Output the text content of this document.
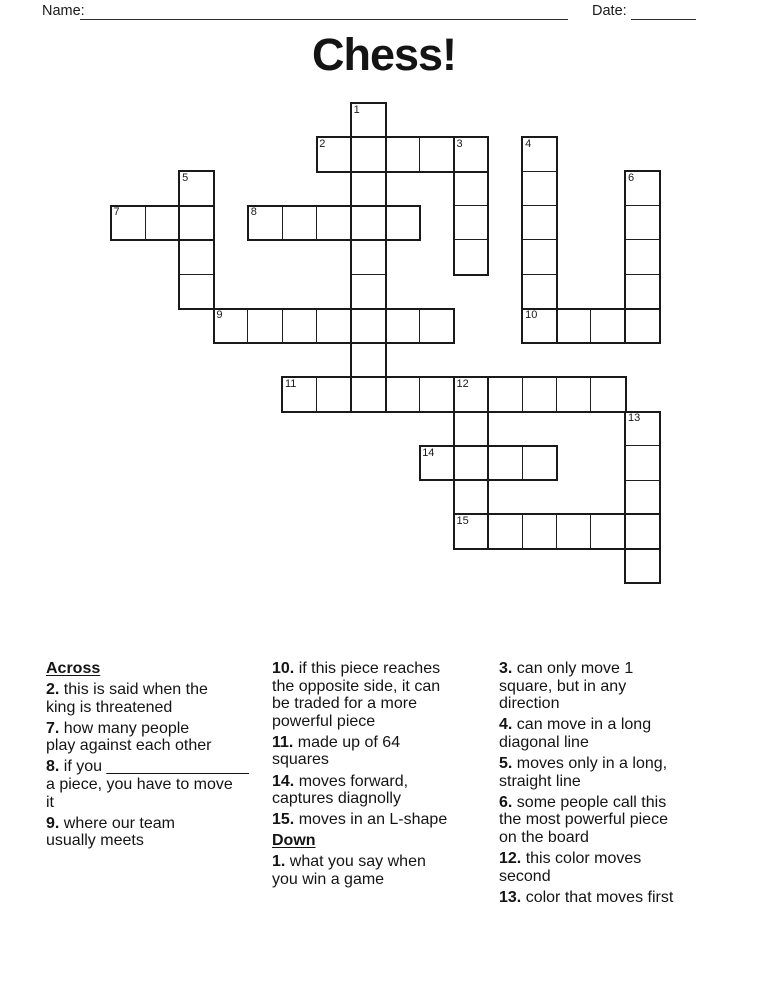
Name:	Date:
Chess!
1
2	3	4
5	6
7	8
9	10
11	12
13
14
15
Across
2. this is said when the
king is threatened
7. how many people
play against each other
8. if you ________________
a piece, you have to move
it
9. where our team
usually meets
10. if this piece reaches
the opposite side, it can
be traded for a more
powerful piece
11. made up of 64
squares
14. moves forward,
captures diagnolly
15. moves in an L-shape
Down
1. what you say when
you win a game
3. can only move 1
square, but in any
direction
4. can move in a long
diagonal line
5. moves only in a long,
straight line
6. some people call this
the most powerful piece
on the board
12. this color moves
second
13. color that moves first
